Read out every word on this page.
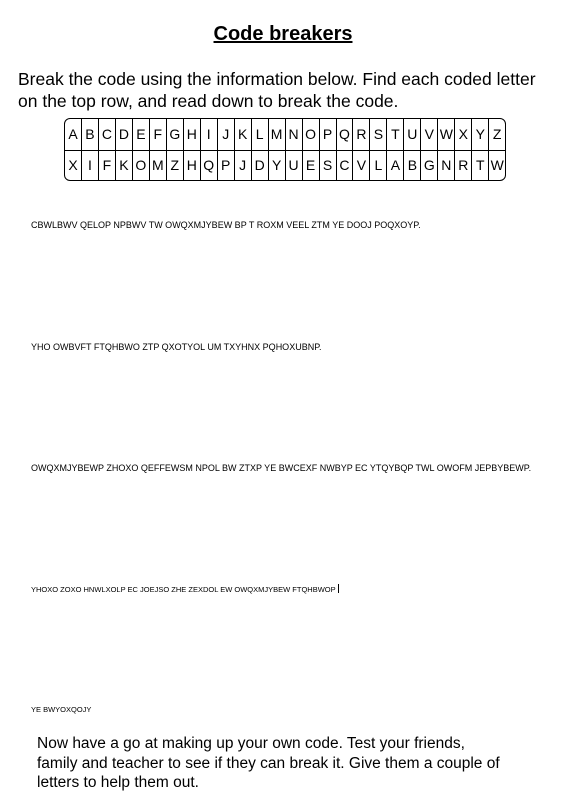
Code breakers
Break the code using the information below. Find each coded letter
on the top row, and read down to break the code.
A B C D E F G H I J K L M N O P Q R S T U V W X Y Z
X I F K O M Z H Q P J D Y U E S C V L A B G N R T W
CBWLBWV QELOP NPBWV TW OWQXMJYBEW BP T ROXM VEEL ZTM YE DOOJ POQXOYP.
YHO OWBVFT FTQHBWO ZTP QXOTYOL UM TXYHNX PQHOXUBNP.
OWQXMJYBEWP ZHOXO QEFFEWSM NPOL BW ZTXP YE BWCEXF NWBYP EC YTQYBQP TWL OWOFM JEPBYBEWP.
YHOXO ZOXO HNWLXOLP EC JOEJSO ZHE ZEXDOL EW OWQXMJYBEW FTQHBWOP
YE BWYOXQOJY
Now have a go at making up your own code. Test your friends,
family and teacher to see if they can break it. Give them a couple of
letters to help them out.
